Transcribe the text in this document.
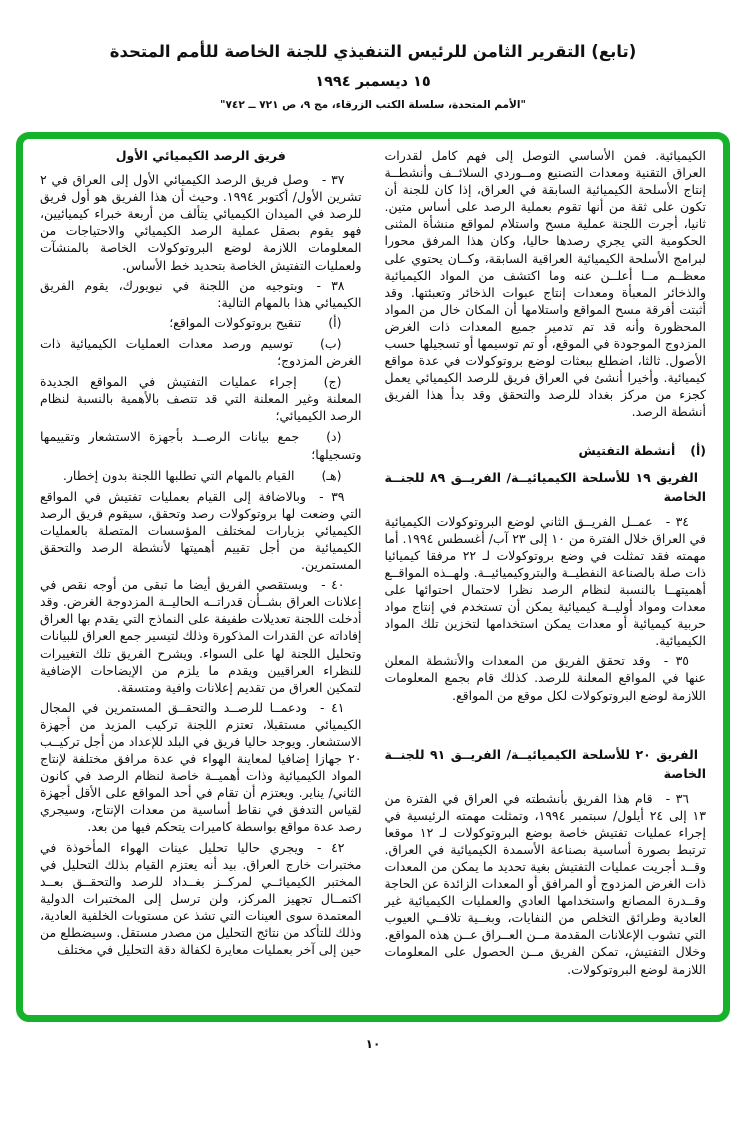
(تابع) التقرير الثامن للرئيس التنفيذي للجنة الخاصة للأمم المتحدة
١٥ ديسمبر ١٩٩٤
"الأمم المتحدة، سلسلة الكتب الزرقاء، مج ٩، ص ٧٢١ ــ ٧٤٢"

الكيميائية. فمن الأساسي التوصل إلى فهم كامل لقدرات العراق التقنية ومعدات التصنيع ومــوردي السلائــف وأنشطــة إنتاج الأسلحة الكيميائية السابقة في العراق، إذا كان للجنة أن تكون على ثقة من أنها تقوم بعملية الرصد على أساس متين. ثانيا، أجرت اللجنة عملية مسح واستلام لمواقع منشأة المثنى الحكومية التي يجري رصدها حاليا، وكان هذا المرفق محورا لبرامج الأسلحة الكيميائية العراقية السابقة، وكــان يحتوي على معظــم مــا أعلــن عنه وما اكتشف من المواد الكيميائية والذخائر المعبأة ومعدات إنتاج عبوات الذخائر وتعبئتها. وقد أثبتت أفرقة مسح المواقع واستلامها أن المكان خال من المواد المحظورة وأنه قد تم تدمير جميع المعدات ذات الغرض المزدوج الموجودة في الموقع، أو تم توسيمها أو تسجيلها حسب الأصول. ثالثا، اضطلع ببعثات لوضع بروتوكولات في عدة مواقع كيميائية. وأخيرا أنشئ في العراق فريق للرصد الكيميائي يعمل كجزء من مركز بغداد للرصد والتحقق وقد بدأ هذا الفريق أنشطة الرصد.

(أ)أنشطة التفتيش

الفريق ١٩ للأسلحة الكيميائيــة/ الفريــق ٨٩ للجنــة الخاصة

٣٤ -عمــل الفريــق الثاني لوضع البروتوكولات الكيميائية في العراق خلال الفترة من ١٠ إلى ٢٣ آب/ أغسطس ١٩٩٤. أما مهمته فقد تمثلت في وضع بروتوكولات لـ ٢٢ مرفقا كيميائيا ذات صلة بالصناعة النفطيــة والبتروكيميائيــة. ولهــذه المواقــع أهميتهــا بالنسبة لنظام الرصد نظرا لاحتمال احتوائها على معدات ومواد أوليــة كيميائية يمكن أن تستخدم في إنتاج مواد حربية كيميائية أو معدات يمكن استخدامها لتخزين تلك المواد الكيميائية.

٣٥ -وقد تحقق الفريق من المعدات والأنشطة المعلن عنها في المواقع المعلنة للرصد. كذلك قام بجمع المعلومات اللازمة لوضع البروتوكولات لكل موقع من المواقع.

الفريق ٢٠ للأسلحة الكيميائيــة/ الفريــق ٩١ للجنــة الخاصة

٣٦ -قام هذا الفريق بأنشطته في العراق في الفترة من ١٣ إلى ٢٤ أيلول/ سبتمبر ١٩٩٤، وتمثلت مهمته الرئيسية في إجراء عمليات تفتيش خاصة بوضع البروتوكولات لـ ١٢ موقعا ترتبط بصورة أساسية بصناعة الأسمدة الكيميائية في العراق. وقــد أجريت عمليات التفتيش بغية تحديد ما يمكن من المعدات ذات الغرض المزدوج أو المرافق أو المعدات الزائدة عن الحاجة وقــدرة المصانع واستخدامها العادي والعمليات الكيميائية غير العادية وطرائق التخلص من النفايات، وبغــية تلافــي العيوب التي تشوب الإعلانات المقدمة مــن العــراق عــن هذه المواقع. وخلال التفتيش، تمكن الفريق مــن الحصول على المعلومات اللازمة لوضع البروتوكولات.

فريق الرصد الكيميائي الأول

٣٧ -وصل فريق الرصد الكيميائي الأول إلى العراق في ٢ تشرين الأول/ أكتوبر ١٩٩٤. وحيث أن هذا الفريق هو أول فريق للرصد في الميدان الكيميائي يتألف من أربعة خبراء كيميائيين، فهو يقوم بصقل عملية الرصد الكيميائي والاحتياجات من المعلومات اللازمة لوضع البروتوكولات الخاصة بالمنشآت ولعمليات التفتيش الخاصة بتحديد خط الأساس.

٣٨ -وبتوجيه من اللجنة في نيويورك، يقوم الفريق الكيميائي هذا بالمهام التالية:

(أ)تنقيح بروتوكولات المواقع؛

(ب)توسيم ورصد معدات العمليات الكيميائية ذات الغرض المزدوج؛

(ج)إجراء عمليات التفتيش في المواقع الجديدة المعلنة وغير المعلنة التي قد تتصف بالأهمية بالنسبة لنظام الرصد الكيميائي؛

(د)جمع بيانات الرصــد بأجهزة الاستشعار وتقييمها وتسجيلها؛

(هـ)القيام بالمهام التي تطلبها اللجنة بدون إخطار.

٣٩ -وبالاضافة إلى القيام بعمليات تفتيش في المواقع التي وضعت لها بروتوكولات رصد وتحقق، سيقوم فريق الرصد الكيميائي بزيارات لمختلف المؤسسات المتصلة بالعمليات الكيميائية من أجل تقييم أهميتها لأنشطة الرصد والتحقق المستمرين.

٤٠ -ويستقصي الفريق أيضا ما تبقى من أوجه نقص في إعلانات العراق بشــأن قدراتــه الحاليــة المزدوجة الغرض. وقد أدخلت اللجنة تعديلات طفيفة على النماذج التي يقدم بها العراق إفاداته عن القدرات المذكورة وذلك لتيسير جمع العراق للبيانات وتحليل اللجنة لها على السواء. ويشرح الفريق تلك التغييرات للنظراء العراقيين ويقدم ما يلزم من الإيضاحات الإضافية لتمكين العراق من تقديم إعلانات وافية ومتسقة.

٤١ -ودعمــا للرصــد والتحقــق المستمرين في المجال الكيميائي مستقبلا، تعتزم اللجنة تركيب المزيد من أجهزة الاستشعار. ويوجد حاليا فريق في البلد للإعداد من أجل تركيــب ٢٠ جهازا إضافيا لمعاينة الهواء في عدة مرافق مختلفة لإنتاج المواد الكيميائية وذات أهميــة خاصة لنظام الرصد في كانون الثاني/ يناير. ويعتزم أن تقام في أحد المواقع على الأقل أجهزة لقياس التدفق في نقاط أساسية من معدات الإنتاج، وسيجري رصد عدة مواقع بواسطة كاميرات يتحكم فيها من بعد.

٤٢ -ويجري حاليا تحليل عينات الهواء المأخوذة في مختبرات خارج العراق. بيد أنه يعتزم القيام بذلك التحليل في المختبر الكيميائــي لمركــز بغــداد للرصد والتحقــق بعــد اكتمــال تجهيز المركز، ولن ترسل إلى المختبرات الدولية المعتمدة سوى العينات التي تشذ عن مستويات الخلفية العادية، وذلك للتأكد من نتائج التحليل من مصدر مستقل. وسيضطلع من حين إلى آخر بعمليات معايرة لكفالة دقة التحليل في مختلف

١٠
